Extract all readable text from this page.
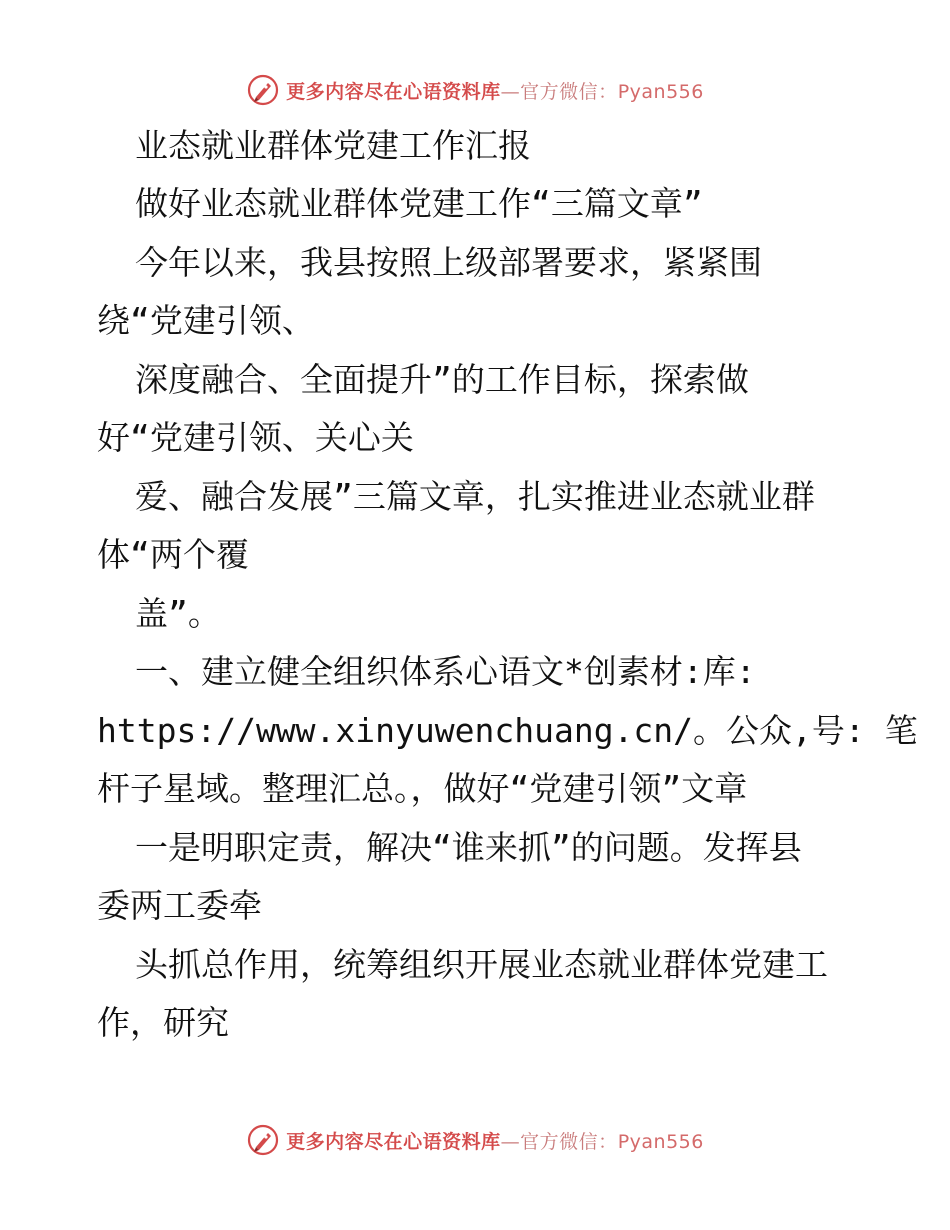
更多内容尽在心语资料库—官方微信：Pyan556
业态就业群体党建工作汇报
做好业态就业群体党建工作“三篇文章”
今年以来，我县按照上级部署要求，紧紧围
绕“党建引领、
深度融合、全面提升”的工作目标，探索做
好“党建引领、关心关
爱、融合发展”三篇文章，扎实推进业态就业群
体“两个覆
盖”。
一、建立健全组织体系心语文*创素材:库:
https://www.xinyuwenchuang.cn/。公众,号: 笔
杆子星域。整理汇总。，做好“党建引领”文章
一是明职定责，解决“谁来抓”的问题。发挥县
委两工委牵
头抓总作用，统筹组织开展业态就业群体党建工
作，研究
更多内容尽在心语资料库—官方微信：Pyan556
